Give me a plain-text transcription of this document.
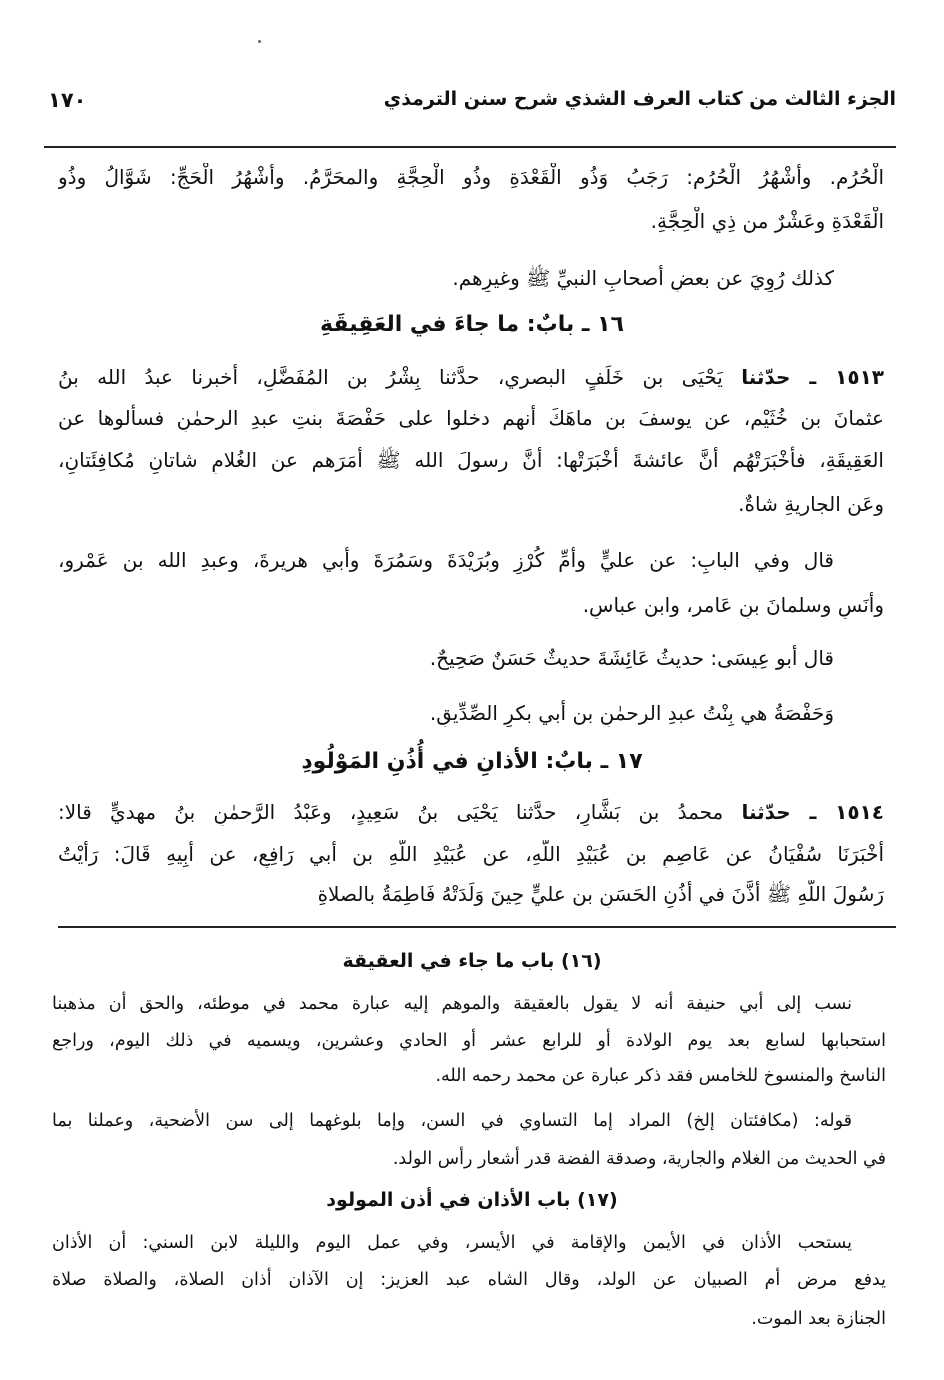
الجزء الثالث من كتاب العرف الشذي شرح سنن الترمذي
١٧٠
الْحُرُم. وأشْهُرُ الْحُرُم: رَجَبُ وَذُو الْقَعْدَةِ وذُو الْحِجَّةِ والمحَرَّمُ. وأشْهُرُ الْحَجِّ: شَوَّالُ وذُو
الْقَعْدَةِ وعَشْرٌ من ذِي الْحِجَّةِ.
كذلك رُوِيَ عن بعضِ أصحابِ النبيِّ ﷺ وغيرِهم.
١٦ ـ بابٌ: ما جاءَ في العَقِيقَةِ
١٥١٣ ـ حدّثنا يَحْيَى بن خَلَفٍ البصري، حدَّثنا بِشْرُ بن المُفَضَّلِ، أخبرنا عبدُ الله بنُ
عثمانَ بن خُثَيْم، عن يوسفَ بن ماهَكَ أنهم دخلوا على حَفْصَةَ بنتِ عبدِ الرحمٰنِ فسألوها عن
العَقِيقَةِ، فأَخْبَرَتْهُم أنَّ عائشةَ أَخْبَرَتْها: أنَّ رسولَ الله ﷺ أَمَرَهم عن الغُلامِ شاتانِ مُكافِئَتانِ،
وعَن الجاريةِ شاةٌ.
قال وفي البابِ: عن عليٍّ وأُمِّ كُرْزٍ وبُرَيْدَةَ وسَمُرَةَ وأبي هريرةَ، وعبدِ الله بن عَمْرو،
وأنَسٍ وسلمانَ بنِ عَامر، وابن عباسٍ.
قال أبو عِيسَى: حديثُ عَائِشَةَ حديثٌ حَسَنٌ صَحِيحٌ.
وَحَفْصَةُ هي بِنْتُ عبدِ الرحمٰنِ بن أبي بكرٍ الصِّدِّيقِ.
١٧ ـ بابٌ: الأذانِ في أُذُنِ المَوْلُودِ
١٥١٤ ـ حدّثنا محمدُ بن بَشَّارٍ، حدَّثنا يَحْيَى بنُ سَعِيدٍ، وعَبْدُ الرَّحمٰنِ بنُ مهديٍّ قالا:
أَخْبَرَنَا سُفْيَانُ عن عَاصِمِ بن عُبَيْدِ اللَّهِ، عن عُبَيْدِ اللَّهِ بن أبي رَافِعٍ، عن أَبِيهِ قَالَ: رَأَيْتُ
رَسُولَ اللَّهِ ﷺ أَذَّنَ في أُذُنِ الحَسَنِ بن عليٍّ حِينَ وَلَدَتْهُ فَاطِمَةُ بالصلاةِ
(١٦) باب ما جاء في العقيقة
نسب إلى أبي حنيفة أنه لا يقول بالعقيقة والموهم إليه عبارة محمد في موطئه، والحق أن مذهبنا
استحبابها لسابع بعد يوم الولادة أو للرابع عشر أو الحادي وعشرين، ويسميه في ذلك اليوم، وراجع
الناسخ والمنسوخ للخامس فقد ذكر عبارة عن محمد رحمه الله.
قوله: (مكافئتان إلخ) المراد إما التساوي في السن، وإما بلوغهما إلى سن الأضحية، وعملنا بما
في الحديث من الغلام والجارية، وصدقة الفضة قدر أشعار رأس الولد.
(١٧) باب الأذان في أذن المولود
يستحب الأذان في الأيمن والإقامة في الأيسر، وفي عمل اليوم والليلة لابن السني: أن الأذان
يدفع مرض أم الصبيان عن الولد، وقال الشاه عبد العزيز: إن الآذان أذان الصلاة، والصلاة صلاة
الجنازة بعد الموت.
